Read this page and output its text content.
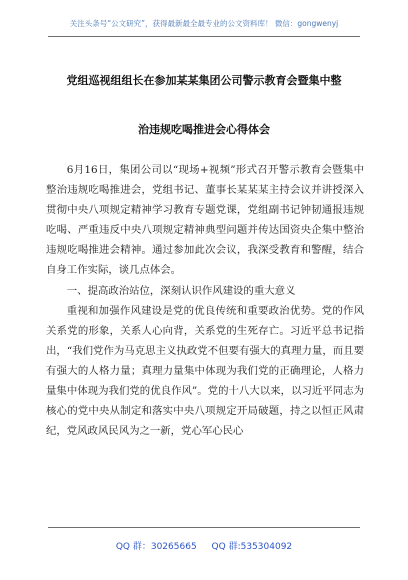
关注头条号“公文研究”，获得最新最全最专业的公文资料库！ 微信：gongwenyj
党组巡视组组长在参加某某集团公司警示教育会暨集中整
治违规吃喝推进会心得体会

6月16日，集团公司以“现场+视频”形式召开警示教育会暨集中整治违规吃喝推进会，党组书记、董事长某某某主持会议并讲授深入贯彻中央八项规定精神学习教育专题党课，党组副书记钟韧通报违规吃喝、严重违反中央八项规定精神典型问题并传达国资央企集中整治违规吃喝推进会精神。通过参加此次会议，我深受教育和警醒，结合自身工作实际，谈几点体会。

一、提高政治站位，深刻认识作风建设的重大意义

重视和加强作风建设是党的优良传统和重要政治优势。党的作风关系党的形象，关系人心向背，关系党的生死存亡。习近平总书记指出，“我们党作为马克思主义执政党不但要有强大的真理力量，而且要有强大的人格力量；真理力量集中体现为我们党的正确理论，人格力量集中体现为我们党的优良作风”。党的十八大以来，以习近平同志为核心的党中央从制定和落实中央八项规定开局破题，持之以恒正风肃纪，党风政风民风为之一新，党心军心民心

QQ 群：30265665 QQ 群:535304092
